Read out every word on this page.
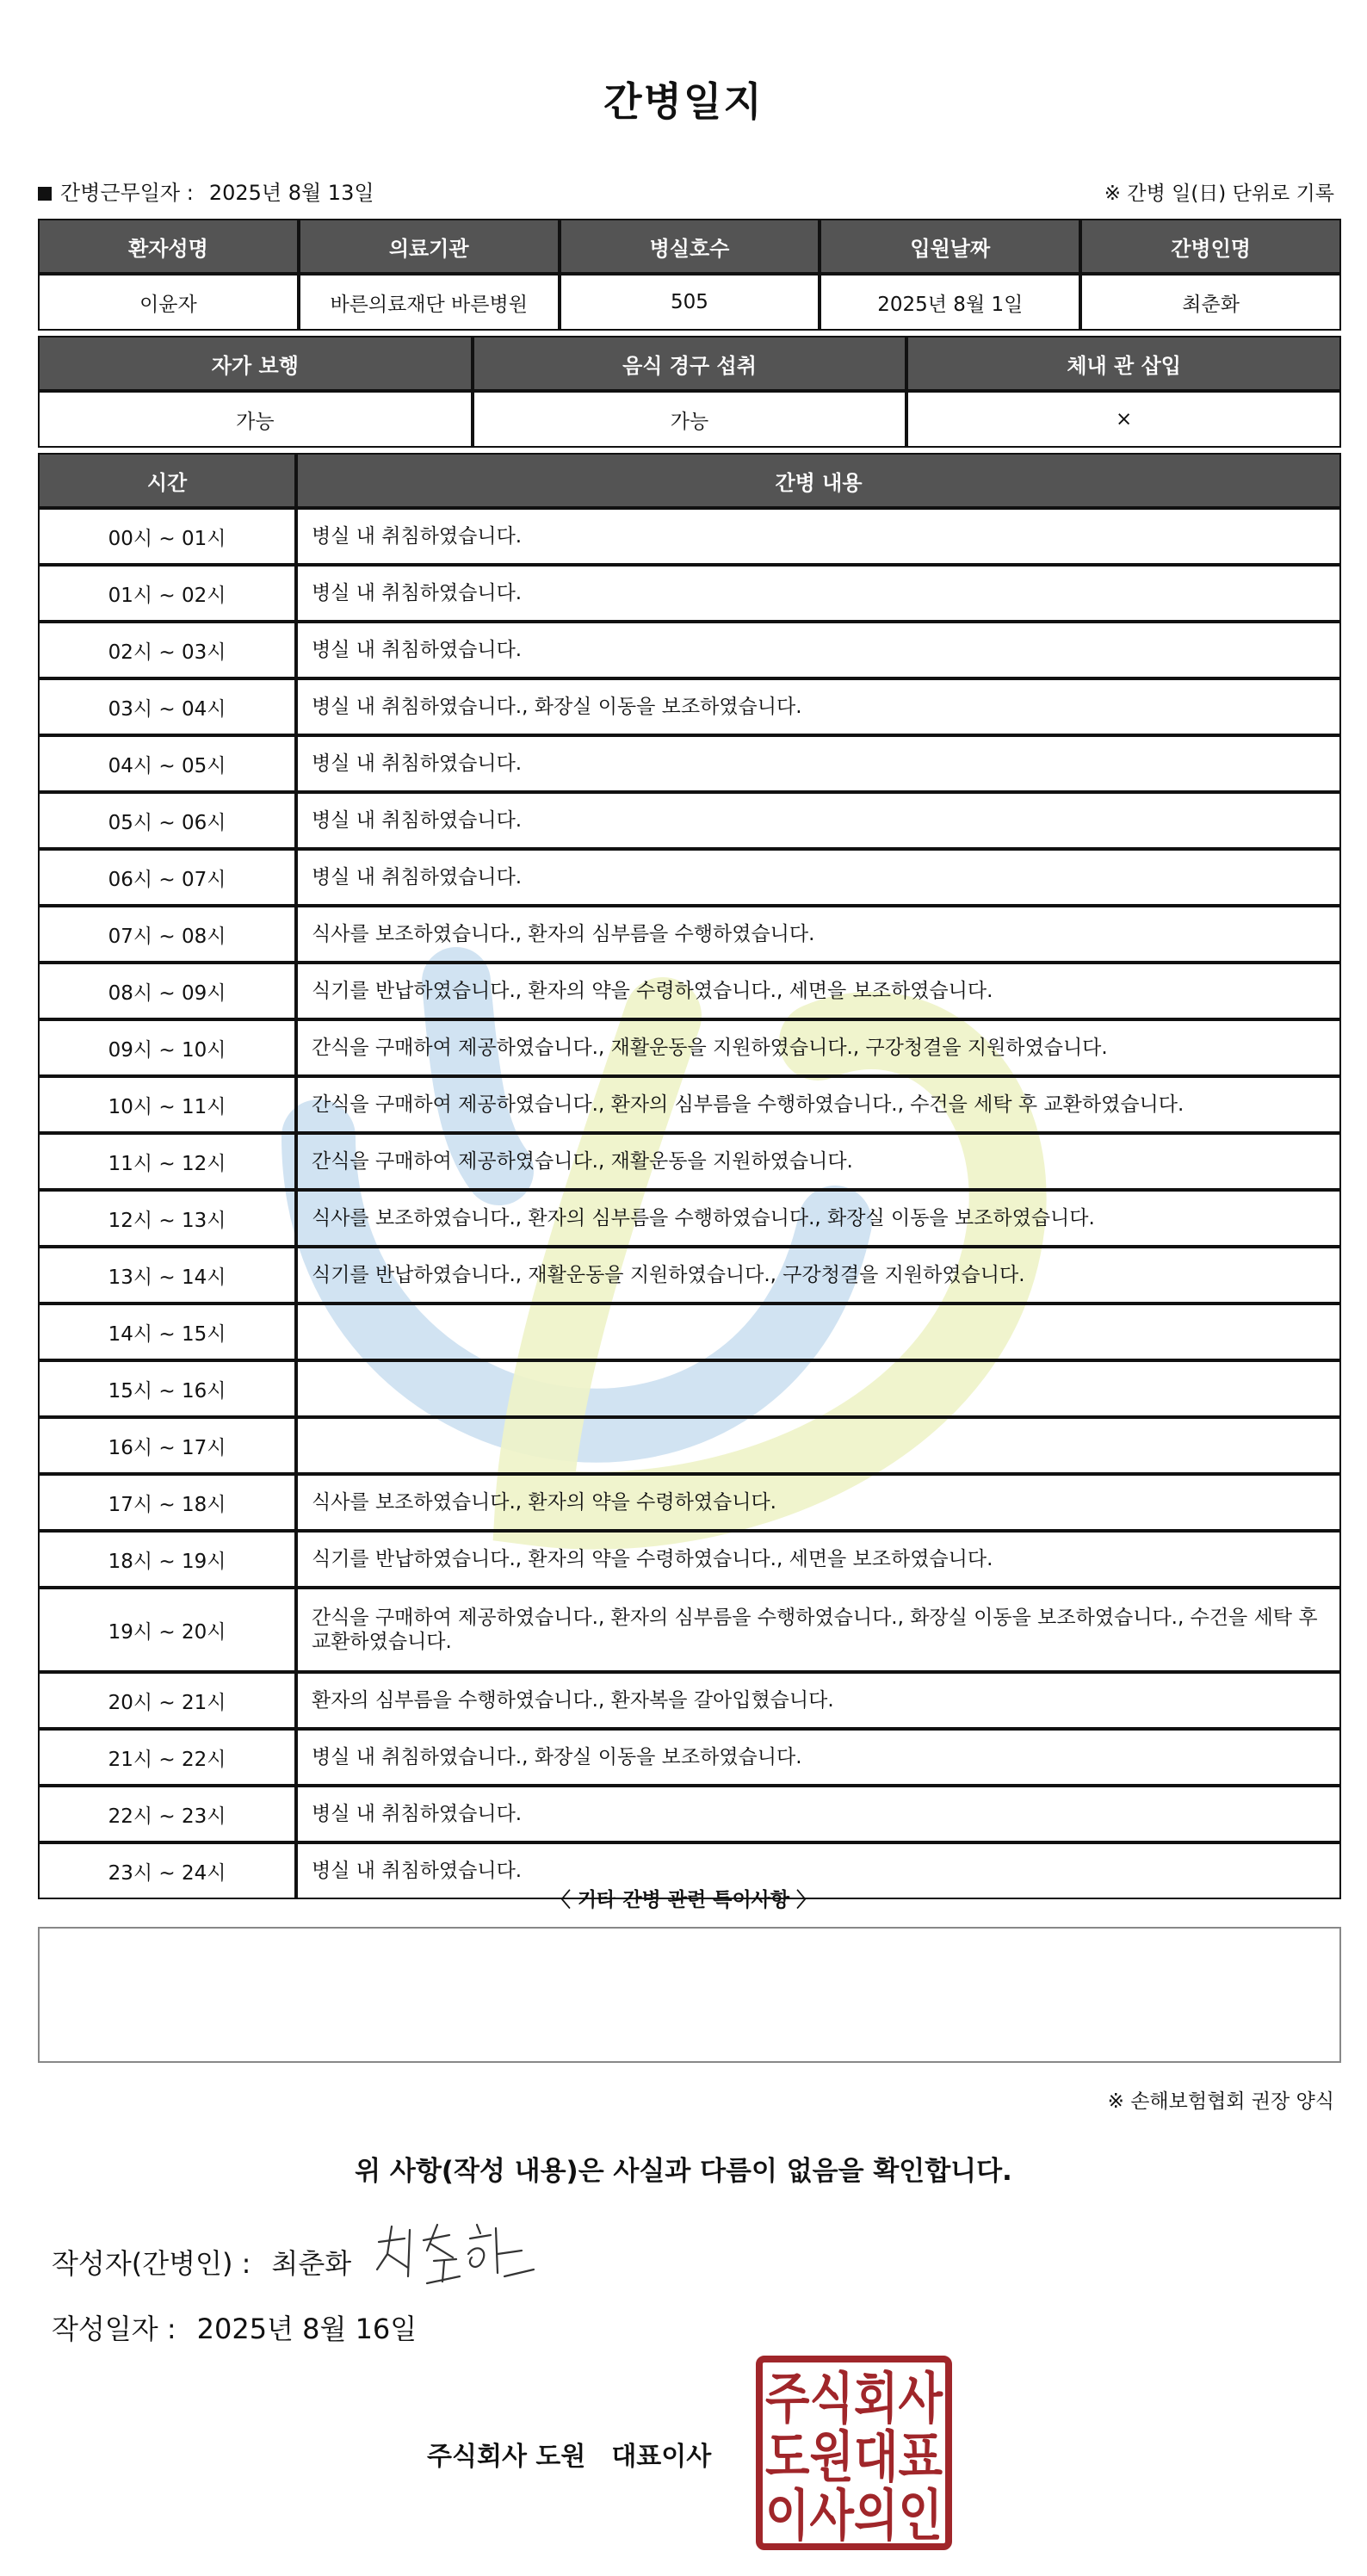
간병일지
간병근무일자 : 2025년 8월 13일	※ 간병 일(日) 단위로 기록
환자성명	의료기관	병실호수	입원날짜	간병인명
이윤자	바른의료재단 바른병원	505	2025년 8월 1일	최춘화
자가 보행	음식 경구 섭취	체내 관 삽입
가능	가능	×
시간	간병 내용
00시 ~ 01시	병실 내 취침하였습니다.
01시 ~ 02시	병실 내 취침하였습니다.
02시 ~ 03시	병실 내 취침하였습니다.
03시 ~ 04시	병실 내 취침하였습니다., 화장실 이동을 보조하였습니다.
04시 ~ 05시	병실 내 취침하였습니다.
05시 ~ 06시	병실 내 취침하였습니다.
06시 ~ 07시	병실 내 취침하였습니다.
07시 ~ 08시	식사를 보조하였습니다., 환자의 심부름을 수행하였습니다.
08시 ~ 09시	식기를 반납하였습니다., 환자의 약을 수령하였습니다., 세면을 보조하였습니다.
09시 ~ 10시	간식을 구매하여 제공하였습니다., 재활운동을 지원하였습니다., 구강청결을 지원하였습니다.
10시 ~ 11시	간식을 구매하여 제공하였습니다., 환자의 심부름을 수행하였습니다., 수건을 세탁 후 교환하였습니다.
11시 ~ 12시	간식을 구매하여 제공하였습니다., 재활운동을 지원하였습니다.
12시 ~ 13시	식사를 보조하였습니다., 환자의 심부름을 수행하였습니다., 화장실 이동을 보조하였습니다.
13시 ~ 14시	식기를 반납하였습니다., 재활운동을 지원하였습니다., 구강청결을 지원하였습니다.
14시 ~ 15시	
15시 ~ 16시	
16시 ~ 17시	
17시 ~ 18시	식사를 보조하였습니다., 환자의 약을 수령하였습니다.
18시 ~ 19시	식기를 반납하였습니다., 환자의 약을 수령하였습니다., 세면을 보조하였습니다.
19시 ~ 20시	간식을 구매하여 제공하였습니다., 환자의 심부름을 수행하였습니다., 화장실 이동을 보조하였습니다., 수건을 세탁 후 교환하였습니다.
20시 ~ 21시	환자의 심부름을 수행하였습니다., 환자복을 갈아입혔습니다.
21시 ~ 22시	병실 내 취침하였습니다., 화장실 이동을 보조하였습니다.
22시 ~ 23시	병실 내 취침하였습니다.
23시 ~ 24시	병실 내 취침하였습니다.
〈 기타 간병 관련 특이사항 〉
※ 손해보험협회 권장 양식
위 사항(작성 내용)은 사실과 다름이 없음을 확인합니다.
작성자(간병인) : 최춘화
작성일자 : 2025년 8월 16일
주식회사 도원 대표이사
주식회사
도원대표
이사의인
